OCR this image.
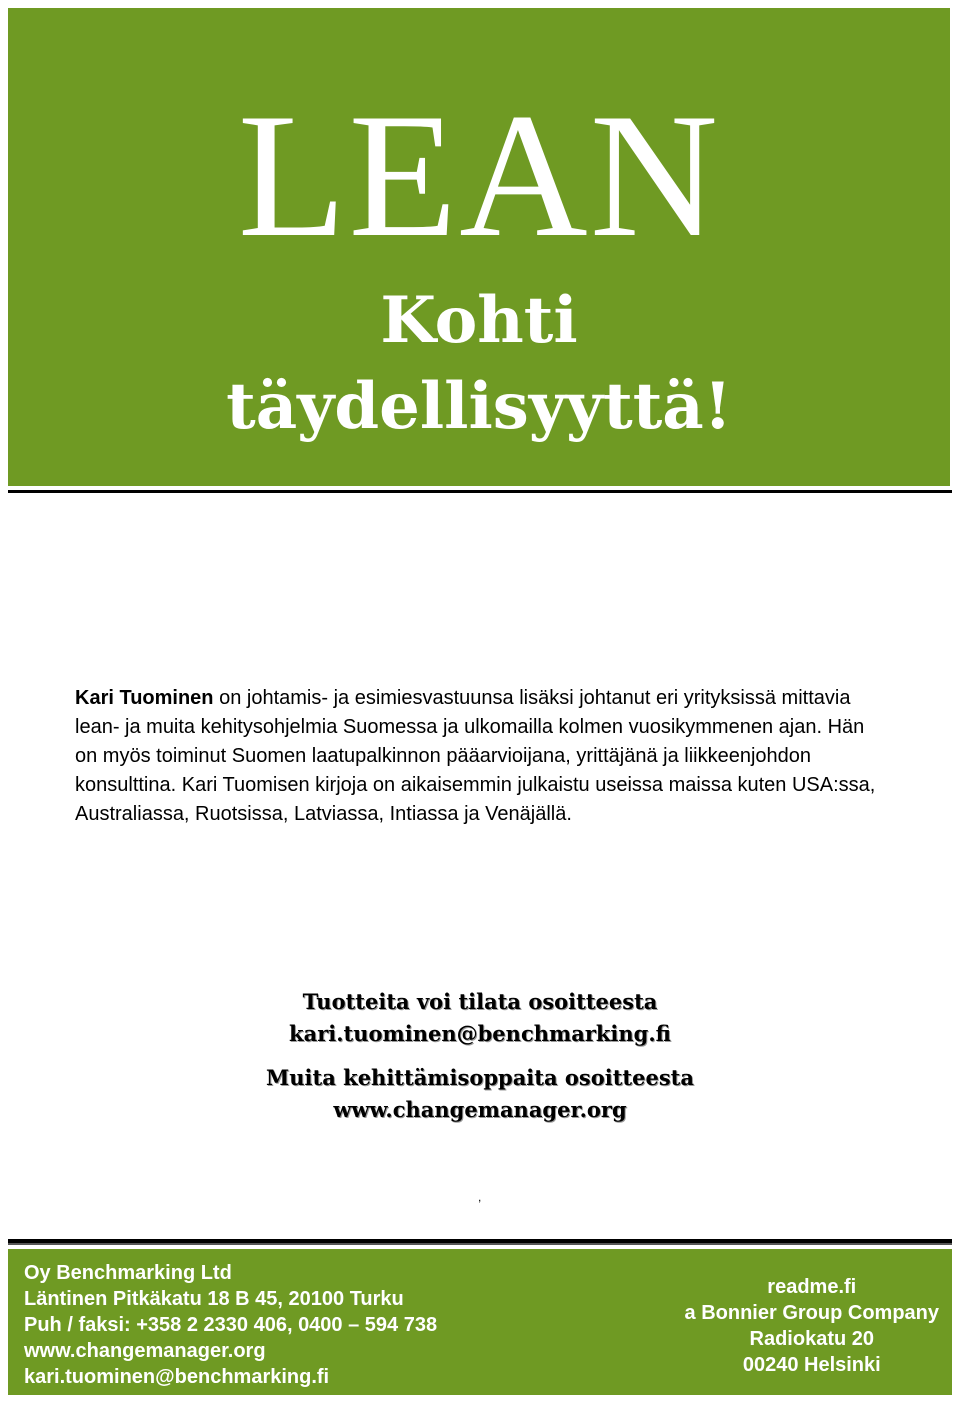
LEAN
Kohti
täydellisyyttä!

Kari Tuominen on johtamis- ja esimiesvastuunsa lisäksi johtanut eri yrityksissä mittavia lean- ja muita kehitysohjelmia Suomessa ja ulkomailla kolmen vuosikymmenen ajan. Hän on myös toiminut Suomen laatupalkinnon pääarvioijana, yrittäjänä ja liikkeenjohdon konsulttina. Kari Tuomisen kirjoja on aikaisemmin julkaistu useissa maissa kuten USA:ssa, Australiassa, Ruotsissa, Latviassa, Intiassa ja Venäjällä.

Tuotteita voi tilata osoitteesta

kari.tuominen@benchmarking.fi

Muita kehittämisoppaita osoitteesta

www.changemanager.org

,

Oy Benchmarking Ltd
Läntinen Pitkäkatu 18 B 45, 20100 Turku
Puh / faksi: +358 2 2330 406, 0400 – 594 738
www.changemanager.org
kari.tuominen@benchmarking.fi

readme.fi
a Bonnier Group Company
Radiokatu 20
00240 Helsinki
